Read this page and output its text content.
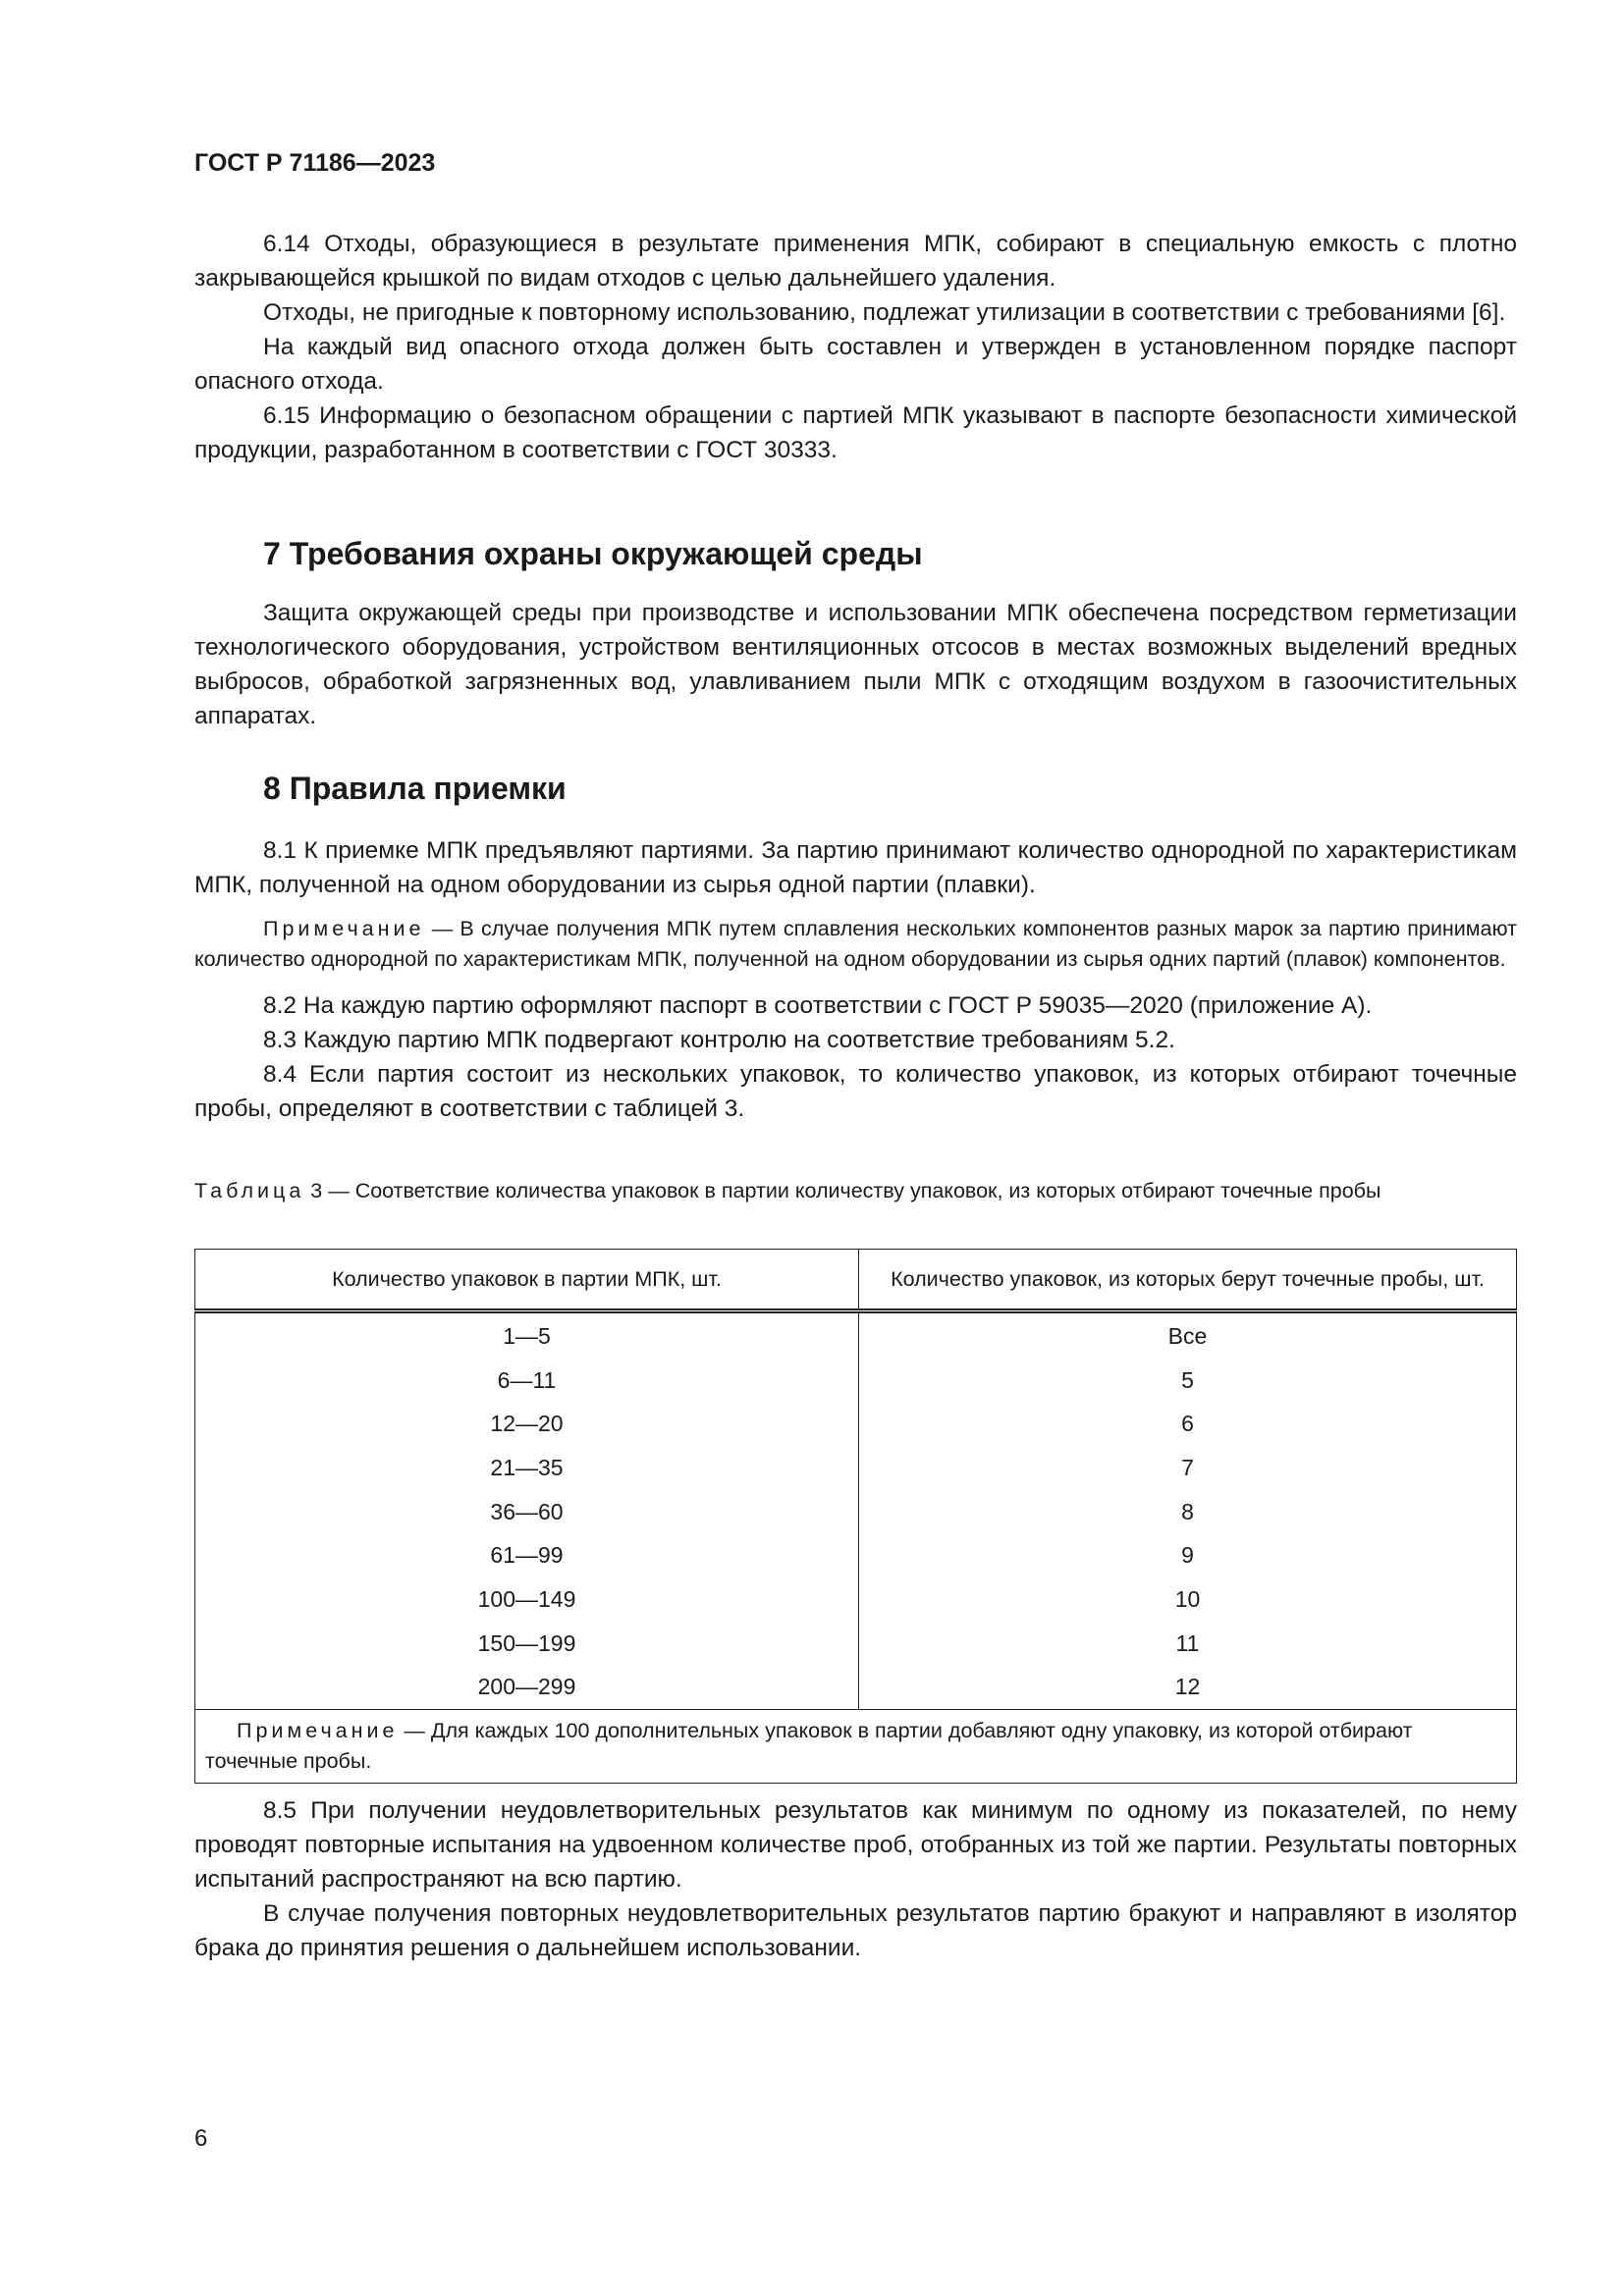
ГОСТ Р 71186—2023

6.14 Отходы, образующиеся в результате применения МПК, собирают в специальную емкость с плотно закрывающейся крышкой по видам отходов с целью дальнейшего удаления.

Отходы, не пригодные к повторному использованию, подлежат утилизации в соответствии с требованиями [6].

На каждый вид опасного отхода должен быть составлен и утвержден в установленном порядке паспорт опасного отхода.

6.15 Информацию о безопасном обращении с партией МПК указывают в паспорте безопасности химической продукции, разработанном в соответствии с ГОСТ 30333.

7 Требования охраны окружающей среды

Защита окружающей среды при производстве и использовании МПК обеспечена посредством герметизации технологического оборудования, устройством вентиляционных отсосов в местах возможных выделений вредных выбросов, обработкой загрязненных вод, улавливанием пыли МПК с отходящим воздухом в газоочистительных аппаратах.

8 Правила приемки

8.1 К приемке МПК предъявляют партиями. За партию принимают количество однородной по характеристикам МПК, полученной на одном оборудовании из сырья одной партии (плавки).

Примечание — В случае получения МПК путем сплавления нескольких компонентов разных марок за партию принимают количество однородной по характеристикам МПК, полученной на одном оборудовании из сырья одних партий (плавок) компонентов.

8.2 На каждую партию оформляют паспорт в соответствии с ГОСТ Р 59035—2020 (приложение А).

8.3 Каждую партию МПК подвергают контролю на соответствие требованиям 5.2.

8.4 Если партия состоит из нескольких упаковок, то количество упаковок, из которых отбирают точечные пробы, определяют в соответствии с таблицей 3.

Таблица 3 — Соответствие количества упаковок в партии количеству упаковок, из которых отбирают точечные пробы
Количество упаковок в партии МПК, шт.	Количество упаковок, из которых берут точечные пробы, шт.
1—5	Все
6—11	5
12—20	6
21—35	7
36—60	8
61—99	9
100—149	10
150—199	11
200—299	12
Примечание — Для каждых 100 дополнительных упаковок в партии добавляют одну упаковку, из которой отбирают точечные пробы.	

8.5 При получении неудовлетворительных результатов как минимум по одному из показателей, по нему проводят повторные испытания на удвоенном количестве проб, отобранных из той же партии. Результаты повторных испытаний распространяют на всю партию.

В случае получения повторных неудовлетворительных результатов партию бракуют и направляют в изолятор брака до принятия решения о дальнейшем использовании.

6
